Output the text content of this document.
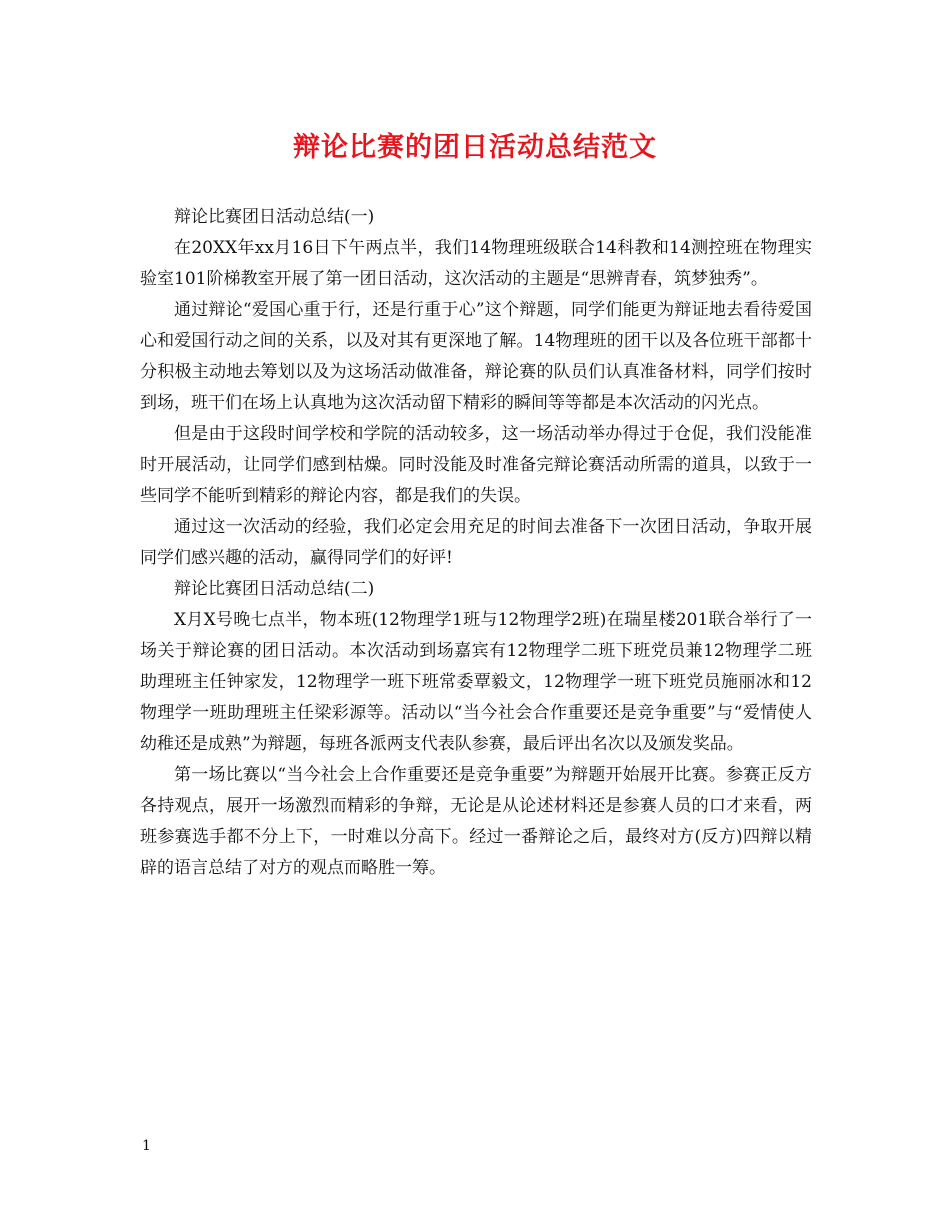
辩论比赛的团日活动总结范文

辩论比赛团日活动总结(一)

在20XX年xx月16日下午两点半，我们14物理班级联合14科教和14测控班在物理实验室101阶梯教室开展了第一团日活动，这次活动的主题是“思辨青春，筑梦独秀”。

通过辩论“爱国心重于行，还是行重于心”这个辩题，同学们能更为辩证地去看待爱国心和爱国行动之间的关系，以及对其有更深地了解。14物理班的团干以及各位班干部都十分积极主动地去筹划以及为这场活动做准备，辩论赛的队员们认真准备材料，同学们按时到场，班干们在场上认真地为这次活动留下精彩的瞬间等等都是本次活动的闪光点。

但是由于这段时间学校和学院的活动较多，这一场活动举办得过于仓促，我们没能准时开展活动，让同学们感到枯燥。同时没能及时准备完辩论赛活动所需的道具，以致于一些同学不能听到精彩的辩论内容，都是我们的失误。

通过这一次活动的经验，我们必定会用充足的时间去准备下一次团日活动，争取开展同学们感兴趣的活动，赢得同学们的好评!

辩论比赛团日活动总结(二)

X月X号晚七点半，物本班(12物理学1班与12物理学2班)在瑞星楼201联合举行了一场关于辩论赛的团日活动。本次活动到场嘉宾有12物理学二班下班党员兼12物理学二班助理班主任钟家发，12物理学一班下班常委覃毅文，12物理学一班下班党员施丽冰和12物理学一班助理班主任梁彩源等。活动以“当今社会合作重要还是竞争重要”与“爱情使人幼稚还是成熟”为辩题，每班各派两支代表队参赛，最后评出名次以及颁发奖品。

第一场比赛以“当今社会上合作重要还是竞争重要”为辩题开始展开比赛。参赛正反方各持观点，展开一场激烈而精彩的争辩，无论是从论述材料还是参赛人员的口才来看，两班参赛选手都不分上下，一时难以分高下。经过一番辩论之后，最终对方(反方)四辩以精辟的语言总结了对方的观点而略胜一筹。

1
